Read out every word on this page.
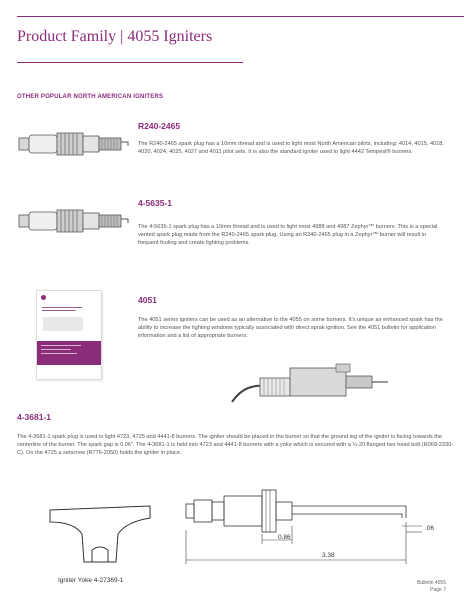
Product Family | 4055 Igniters
OTHER POPULAR NORTH AMERICAN IGNITERS
R240-2465
The R240-2465 spark plug has a 10mm thread and is used to light most North American pilots, including: 4014, 4015, 4018, 4020, 4024, 4025, 4027 and 4011 pilot sets. It is also the standard igniter used to light 4442 Tempest® burners.
4-5635-1
The 4-5635-1 spark plug has a 10mm thread and is used to light most 4988 and 4987 Zephyr™ burners. This is a special vented spark plug made from the R240-2465 spark plug. Using an R240-2465 plug in a Zephyr™ burner will result in frequent fouling and create lighting problems.
4051
The 4051 series igniters can be used as an alternative to the 4055 on some burners. It's unique air enhanced spark has the ability to increase the lighting windows typically associated with direct sprak ignition. See the 4051 bulletin for application information and a list of appropriate burners.
4-3681-1
The 4-3681-1 spark plug is used to light 4723, 4725 and 4441-8 burners. The igniter should be placed in the burner so that the ground leg of the igniter is facing towards the centerline of the burner. The spark gap is 0.06". The 4-3681-1 is held into 4723 and 4441-8 burners with a yoke which is secured with a ¼-20 flanged hex head bolt (R069-2330-C). On the 4725 a setscrew (R776-2050) holds the igniter in place.
Igniter Yoke 4-27369-1
0.86
3.38
.06
Bulletin 4055
Page 7
